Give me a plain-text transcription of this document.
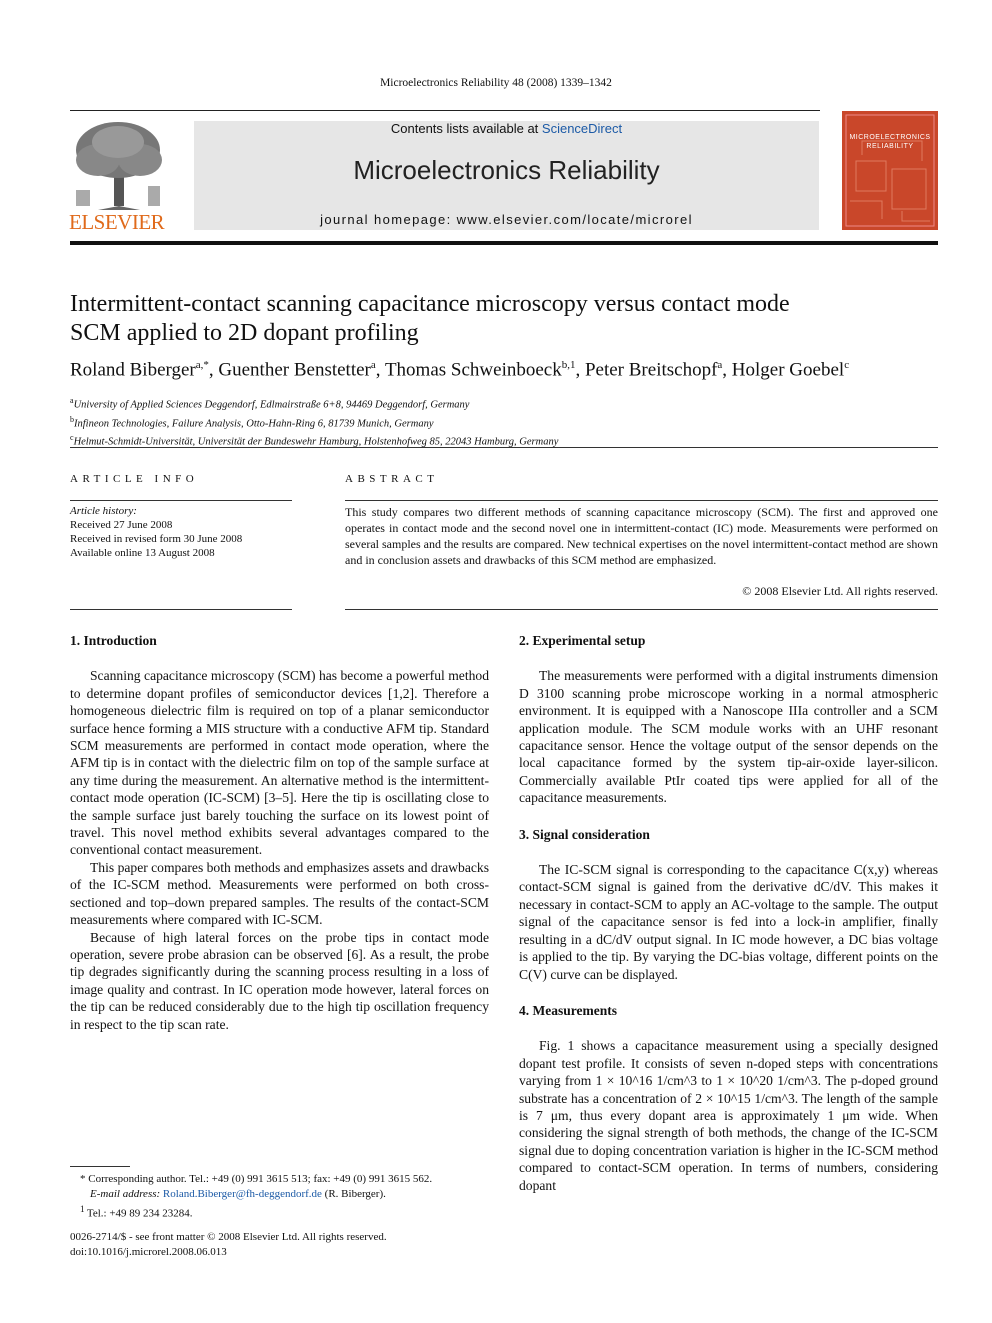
Microelectronics Reliability 48 (2008) 1339–1342
ELSEVIER
Contents lists available at ScienceDirect
Microelectronics Reliability
journal homepage: www.elsevier.com/locate/microrel
MICROELECTRONICS
RELIABILITY
Intermittent-contact scanning capacitance microscopy versus contact mode
SCM applied to 2D dopant profiling
Roland Biberger$^{a,*}$, Guenther Benstetter$^a$, Thomas Schweinboeck$^{b,1}$, Peter Breitschopf$^a$, Holger Goebel$^c$
$^a$University of Applied Sciences Deggendorf, Edlmairstraße 6+8, 94469 Deggendorf, Germany
$^b$Infineon Technologies, Failure Analysis, Otto-Hahn-Ring 6, 81739 Munich, Germany
$^c$Helmut-Schmidt-Universität, Universität der Bundeswehr Hamburg, Holstenhofweg 85, 22043 Hamburg, Germany
ARTICLE INFO
Article history:
Received 27 June 2008
Received in revised form 30 June 2008
Available online 13 August 2008
ABSTRACT
This study compares two different methods of scanning capacitance microscopy (SCM). The first and approved one operates in contact mode and the second novel one in intermittent-contact (IC) mode. Measurements were performed on several samples and the results are compared. New technical expertises on the novel intermittent-contact method are shown and in conclusion assets and drawbacks of this SCM method are emphasized.
© 2008 Elsevier Ltd. All rights reserved.
1. Introduction

Scanning capacitance microscopy (SCM) has become a powerful method to determine dopant profiles of semiconductor devices [1,2]. Therefore a homogeneous dielectric film is required on top of a planar semiconductor surface hence forming a MIS structure with a conductive AFM tip. Standard SCM measurements are performed in contact mode operation, where the AFM tip is in contact with the dielectric film on top of the sample surface at any time during the measurement. An alternative method is the intermittent-contact mode operation (IC-SCM) [3–5]. Here the tip is oscillating close to the sample surface just barely touching the surface on its lowest point of travel. This novel method exhibits several advantages compared to the conventional contact measurement.

This paper compares both methods and emphasizes assets and drawbacks of the IC-SCM method. Measurements were performed on both cross-sectioned and top–down prepared samples. The results of the contact-SCM measurements where compared with IC-SCM.

Because of high lateral forces on the probe tips in contact mode operation, severe probe abrasion can be observed [6]. As a result, the probe tip degrades significantly during the scanning process resulting in a loss of image quality and contrast. In IC operation mode however, lateral forces on the tip can be reduced considerably due to the high tip oscillation frequency in respect to the tip scan rate.

* Corresponding author. Tel.: +49 (0) 991 3615 513; fax: +49 (0) 991 3615 562.
E-mail address: Roland.Biberger@fh-deggendorf.de (R. Biberger).
$^1$ Tel.: +49 89 234 23284.
0026-2714/$ - see front matter © 2008 Elsevier Ltd. All rights reserved.
doi:10.1016/j.microrel.2008.06.013
2. Experimental setup

The measurements were performed with a digital instruments dimension D 3100 scanning probe microscope working in a normal atmospheric environment. It is equipped with a Nanoscope IIIa controller and a SCM application module. The SCM module works with an UHF resonant capacitance sensor. Hence the voltage output of the sensor depends on the local capacitance formed by the system tip-air-oxide layer-silicon. Commercially available PtIr coated tips were applied for all of the capacitance measurements.

3. Signal consideration

The IC-SCM signal is corresponding to the capacitance C(x,y) whereas contact-SCM signal is gained from the derivative dC/dV. This makes it necessary in contact-SCM to apply an AC-voltage to the sample. The output signal of the capacitance sensor is fed into a lock-in amplifier, finally resulting in a dC/dV output signal. In IC mode however, a DC bias voltage is applied to the tip. By varying the DC-bias voltage, different points on the C(V) curve can be displayed.

4. Measurements

Fig. 1 shows a capacitance measurement using a specially designed dopant test profile. It consists of seven n-doped steps with concentrations varying from 1 × 10^16 1/cm^3 to 1 × 10^20 1/cm^3. The p-doped ground substrate has a concentration of 2 × 10^15 1/cm^3. The length of the sample is 7 μm, thus every dopant area is approximately 1 μm wide. When considering the signal strength of both methods, the change of the IC-SCM signal due to doping concentration variation is higher in the IC-SCM method compared to contact-SCM operation. In terms of numbers, considering dopant
